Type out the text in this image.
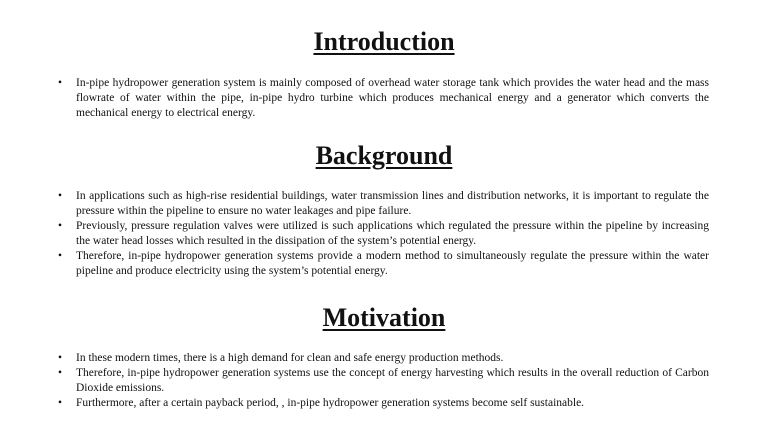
Introduction
• In-pipe hydropower generation system is mainly composed of overhead water storage tank which provides the water head and the mass flowrate of water within the pipe, in-pipe hydro turbine which produces mechanical energy and a generator which converts the mechanical energy to electrical energy.
Background
• In applications such as high-rise residential buildings, water transmission lines and distribution networks, it is important to regulate the pressure within the pipeline to ensure no water leakages and pipe failure.
• Previously, pressure regulation valves were utilized is such applications which regulated the pressure within the pipeline by increasing the water head losses which resulted in the dissipation of the system’s potential energy.
• Therefore, in-pipe hydropower generation systems provide a modern method to simultaneously regulate the pressure within the water pipeline and produce electricity using the system’s potential energy.
Motivation
• In these modern times, there is a high demand for clean and safe energy production methods.
• Therefore, in-pipe hydropower generation systems use the concept of energy harvesting which results in the overall reduction of Carbon Dioxide emissions.
• Furthermore, after a certain payback period, , in-pipe hydropower generation systems become self sustainable.
